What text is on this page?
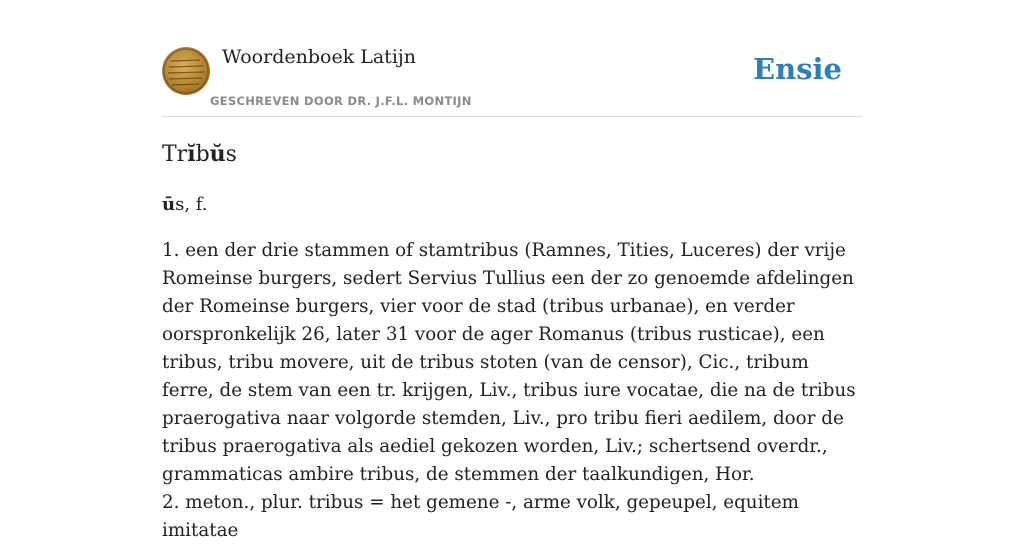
Woordenboek Latijn
GESCHREVEN DOOR DR. J.F.L. MONTIJN
Ensie
Trĭbŭs
ūs, f.

1. een der drie stammen of stamtribus (Ramnes, Tities, Luceres) der vrije Romeinse burgers, sedert Servius Tullius een der zo genoemde afdelingen der Romeinse burgers, vier voor de stad (tribus urbanae), en verder oorspronkelijk 26, later 31 voor de ager Romanus (tribus rusticae), een tribus, tribu movere, uit de tribus stoten (van de censor), Cic., tribum ferre, de stem van een tr. krijgen, Liv., tribus iure vocatae, die na de tribus praerogativa naar volgorde stemden, Liv., pro tribu fieri aedilem, door de tribus praerogativa als aediel gekozen worden, Liv.; schertsend overdr., grammaticas ambire tribus, de stemmen der taalkundigen, Hor.

2. meton., plur. tribus = het gemene -, arme volk, gepeupel, equitem imitatae
